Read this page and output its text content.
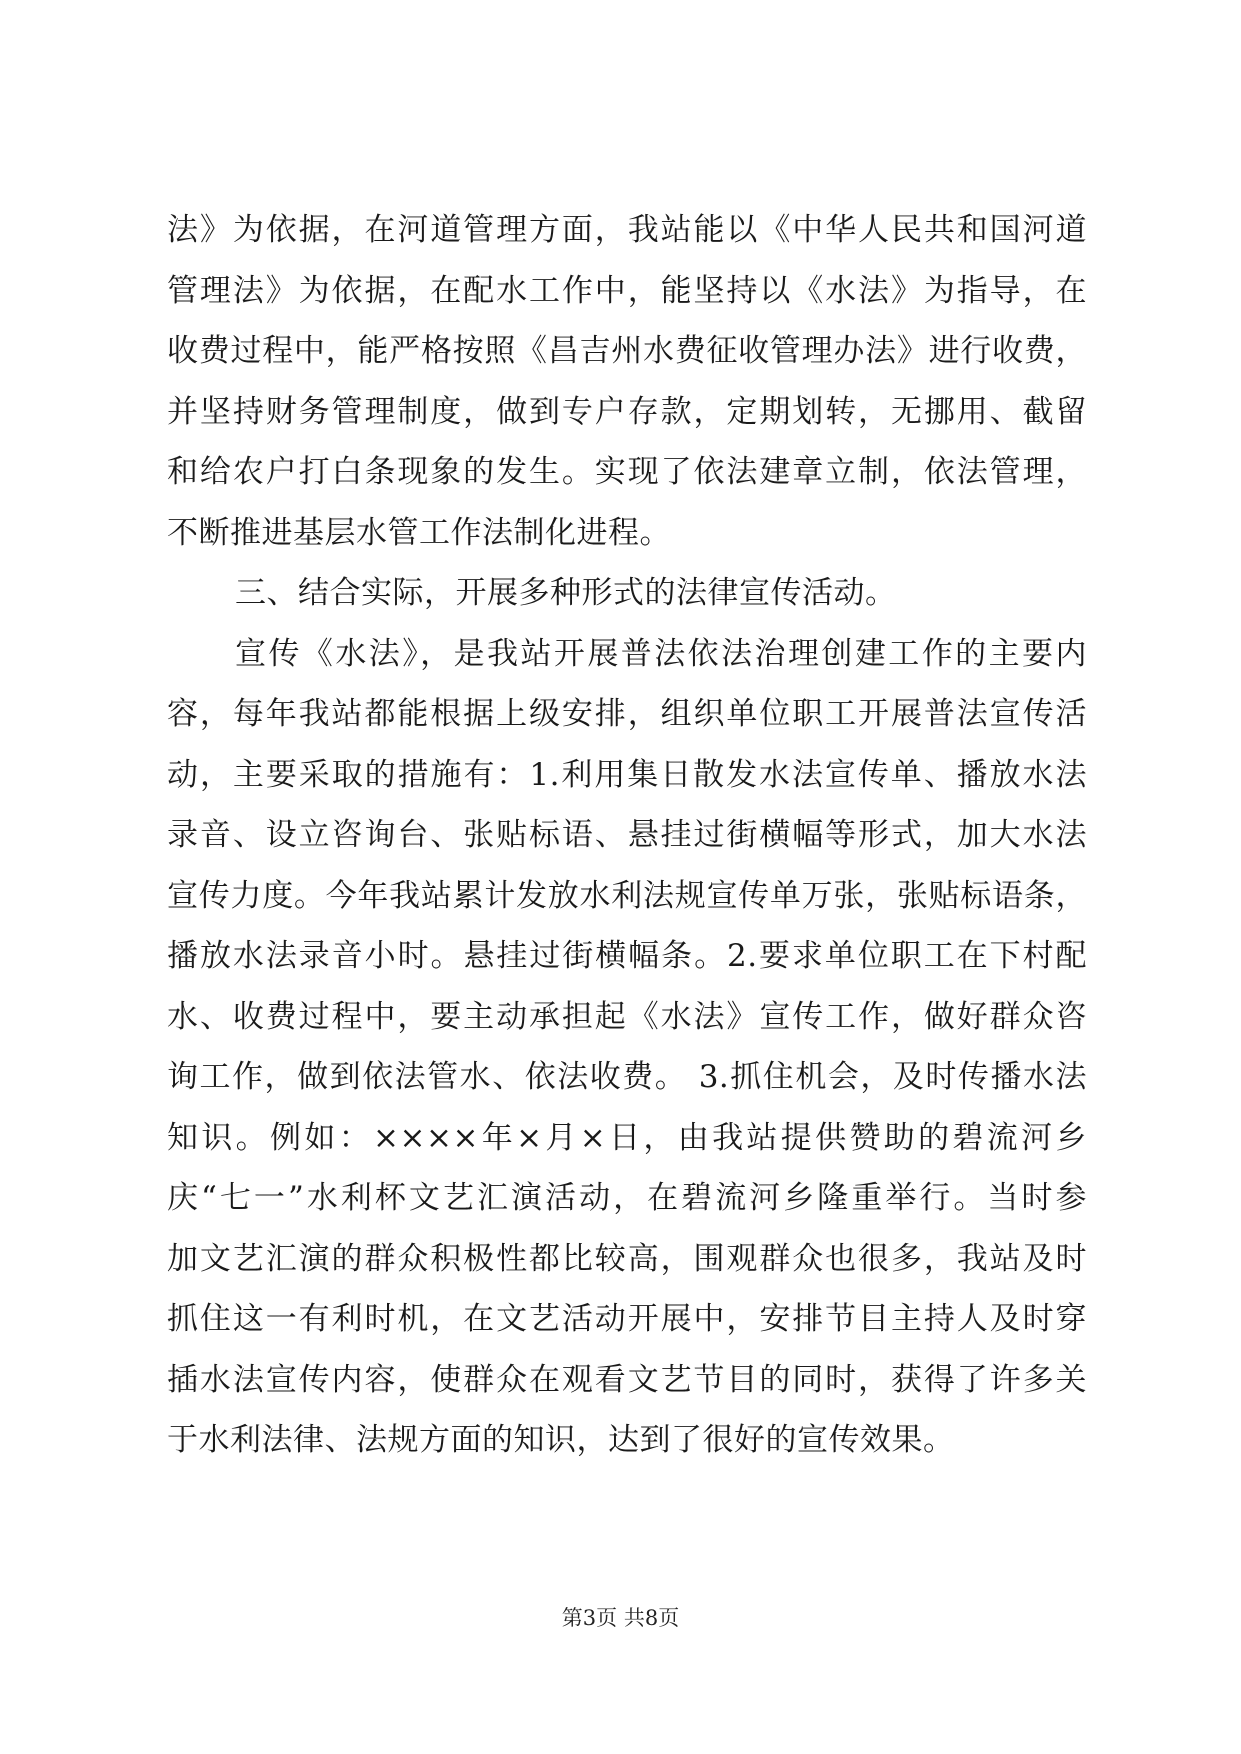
法》为依据，在河道管理方面，我站能以《中华人民共和国河道
管理法》为依据，在配水工作中，能坚持以《水法》为指导，在
收费过程中，能严格按照《昌吉州水费征收管理办法》进行收费，
并坚持财务管理制度，做到专户存款，定期划转，无挪用、截留
和给农户打白条现象的发生。实现了依法建章立制，依法管理，
不断推进基层水管工作法制化进程。
三、结合实际，开展多种形式的法律宣传活动。
宣传《水法》，是我站开展普法依法治理创建工作的主要内
容，每年我站都能根据上级安排，组织单位职工开展普法宣传活
动，主要采取的措施有：1.利用集日散发水法宣传单、播放水法
录音、设立咨询台、张贴标语、悬挂过街横幅等形式，加大水法
宣传力度。今年我站累计发放水利法规宣传单万张，张贴标语条，
播放水法录音小时。悬挂过街横幅条。2.要求单位职工在下村配
水、收费过程中，要主动承担起《水法》宣传工作，做好群众咨
询工作，做到依法管水、依法收费。 3.抓住机会，及时传播水法
知识。例如：××××年×月×日，由我站提供赞助的碧流河乡
庆“七一”水利杯文艺汇演活动，在碧流河乡隆重举行。当时参
加文艺汇演的群众积极性都比较高，围观群众也很多，我站及时
抓住这一有利时机，在文艺活动开展中，安排节目主持人及时穿
插水法宣传内容，使群众在观看文艺节目的同时，获得了许多关
于水利法律、法规方面的知识，达到了很好的宣传效果。
第3页 共8页
